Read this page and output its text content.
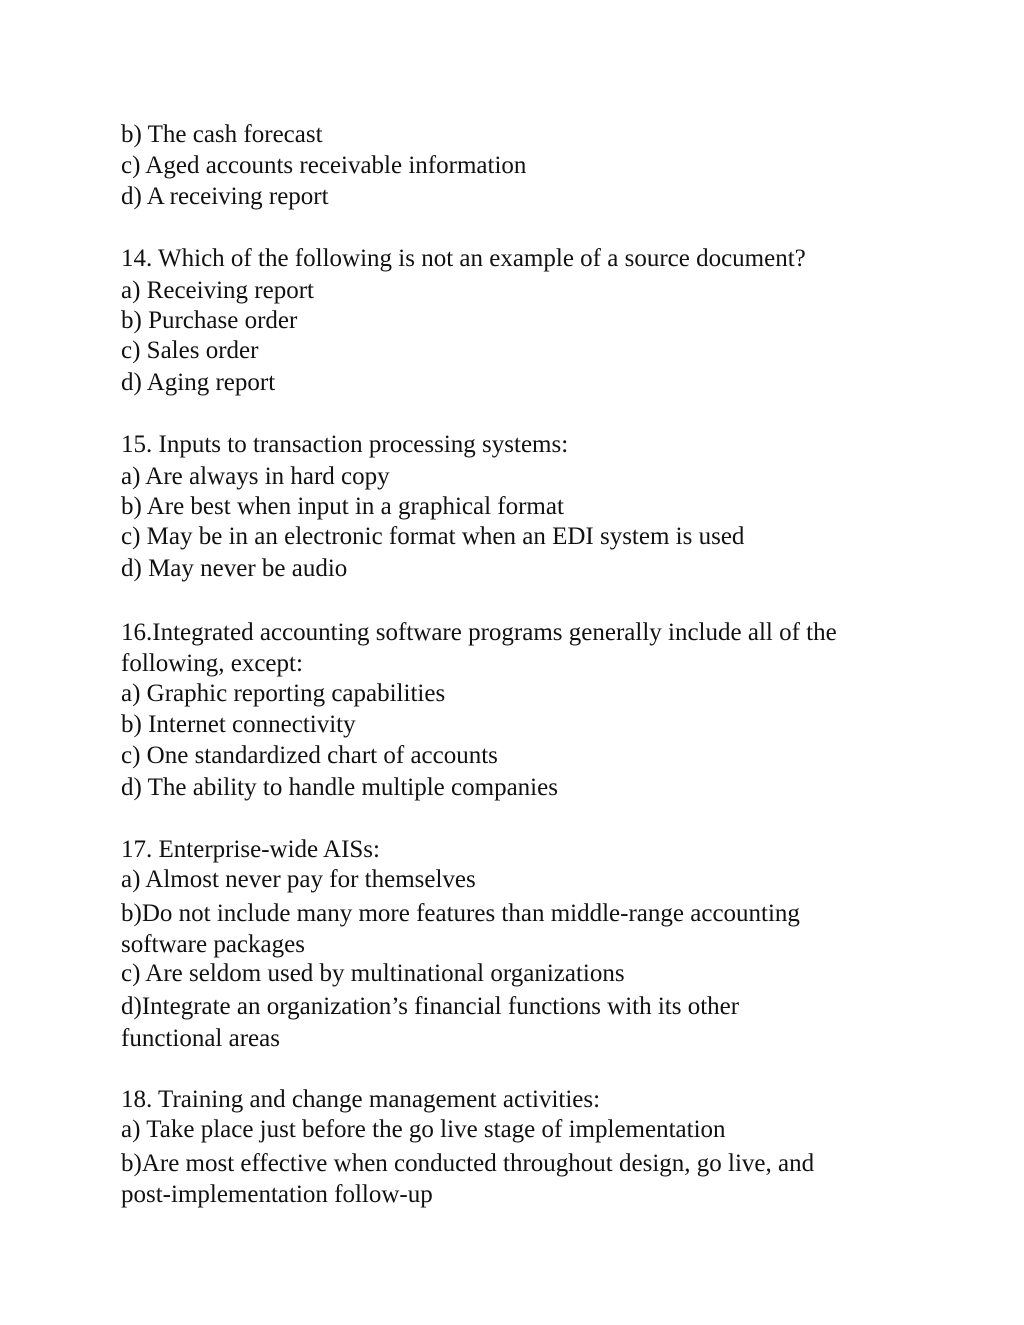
b) The cash forecast
c) Aged accounts receivable information
d) A receiving report
14. Which of the following is not an example of a source document?
a) Receiving report
b) Purchase order
c) Sales order
d) Aging report
15. Inputs to transaction processing systems:
a) Are always in hard copy
b) Are best when input in a graphical format
c) May be in an electronic format when an EDI system is used
d) May never be audio
16.Integrated accounting software programs generally include all of the
following, except:
a) Graphic reporting capabilities
b) Internet connectivity
c) One standardized chart of accounts
d) The ability to handle multiple companies
17. Enterprise-wide AISs:
a) Almost never pay for themselves
b)Do not include many more features than middle-range accounting
software packages
c) Are seldom used by multinational organizations
d)Integrate an organization’s financial functions with its other
functional areas
18. Training and change management activities:
a) Take place just before the go live stage of implementation
b)Are most effective when conducted throughout design, go live, and
post-implementation follow-up
